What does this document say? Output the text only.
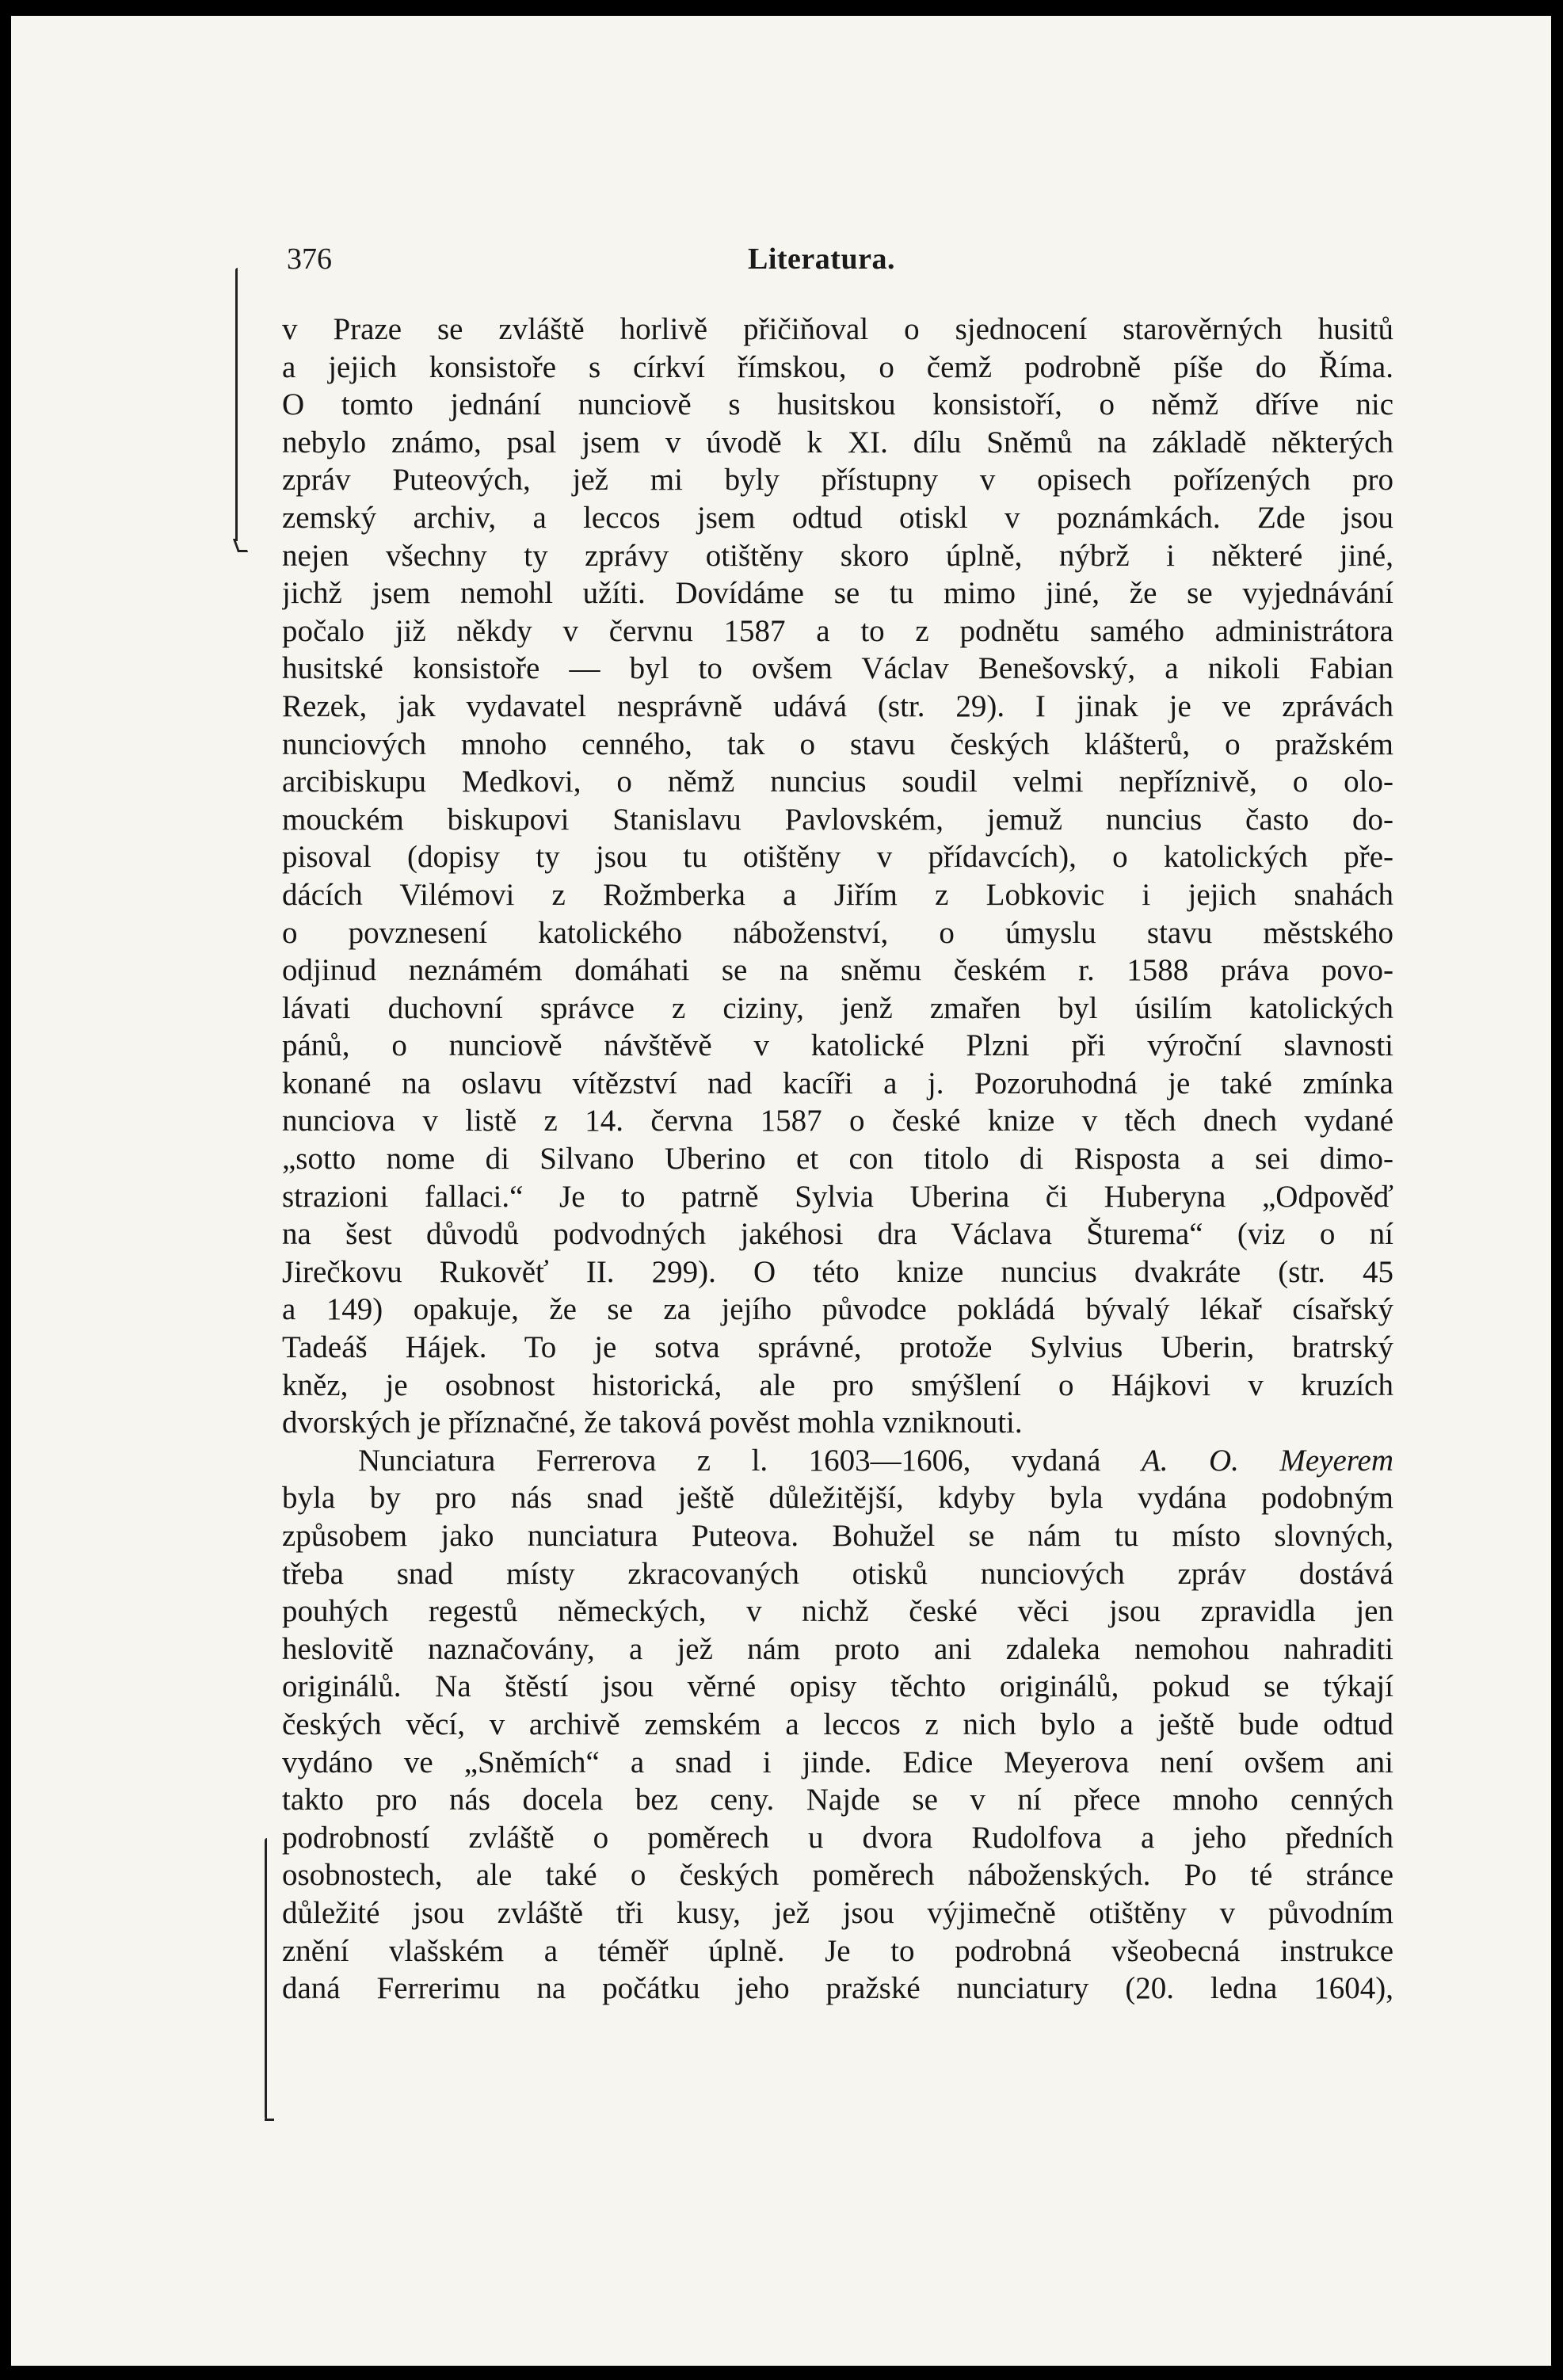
376	Literatura.
v Praze se zvláště horlivě přičiňoval o sjednocení starověrných husitů
a jejich konsistoře s církví římskou, o čemž podrobně píše do Říma.
O tomto jednání nunciově s husitskou konsistoří, o němž dříve nic
nebylo známo, psal jsem v úvodě k XI. dílu Sněmů na základě některých
zpráv Puteových, jež mi byly přístupny v opisech pořízených pro
zemský archiv, a leccos jsem odtud otiskl v poznámkách. Zde jsou
nejen všechny ty zprávy otištěny skoro úplně, nýbrž i některé jiné,
jichž jsem nemohl užíti. Dovídáme se tu mimo jiné, že se vyjednávání
počalo již někdy v červnu 1587 a to z podnětu samého administrátora
husitské konsistoře — byl to ovšem Václav Benešovský, a nikoli Fabian
Rezek, jak vydavatel nesprávně udává (str. 29). I jinak je ve zprávách
nunciových mnoho cenného, tak o stavu českých klášterů, o pražském
arcibiskupu Medkovi, o němž nuncius soudil velmi nepříznivě, o olo-
mouckém biskupovi Stanislavu Pavlovském, jemuž nuncius často do-
pisoval (dopisy ty jsou tu otištěny v přídavcích), o katolických pře-
dácích Vilémovi z Rožmberka a Jiřím z Lobkovic i jejich snahách
o povznesení katolického náboženství, o úmyslu stavu městského
odjinud neznámém domáhati se na sněmu českém r. 1588 práva povo-
lávati duchovní správce z ciziny, jenž zmařen byl úsilím katolických
pánů, o nunciově návštěvě v katolické Plzni při výroční slavnosti
konané na oslavu vítězství nad kacíři a j. Pozoruhodná je také zmínka
nunciova v listě z 14. června 1587 o české knize v těch dnech vydané
„sotto nome di Silvano Uberino et con titolo di Risposta a sei dimo-
strazioni fallaci.“ Je to patrně Sylvia Uberina či Huberyna „Odpověď
na šest důvodů podvodných jakéhosi dra Václava Šturema“ (viz o ní
Jirečkovu Rukověť II. 299). O této knize nuncius dvakráte (str. 45
a 149) opakuje, že se za jejího původce pokládá bývalý lékař císařský
Tadeáš Hájek. To je sotva správné, protože Sylvius Uberin, bratrský
kněz, je osobnost historická, ale pro smýšlení o Hájkovi v kruzích
dvorských je příznačné, že taková pověst mohla vzniknouti.
Nunciatura Ferrerova z l. 1603—1606, vydaná A. O. Meyerem
byla by pro nás snad ještě důležitější, kdyby byla vydána podobným
způsobem jako nunciatura Puteova. Bohužel se nám tu místo slovných,
třeba snad místy zkracovaných otisků nunciových zpráv dostává
pouhých regestů německých, v nichž české věci jsou zpravidla jen
heslovitě naznačovány, a jež nám proto ani zdaleka nemohou nahraditi
originálů. Na štěstí jsou věrné opisy těchto originálů, pokud se týkají
českých věcí, v archivě zemském a leccos z nich bylo a ještě bude odtud
vydáno ve „Sněmích“ a snad i jinde. Edice Meyerova není ovšem ani
takto pro nás docela bez ceny. Najde se v ní přece mnoho cenných
podrobností zvláště o poměrech u dvora Rudolfova a jeho předních
osobnostech, ale také o českých poměrech náboženských. Po té stránce
důležité jsou zvláště tři kusy, jež jsou výjimečně otištěny v původním
znění vlašském a téměř úplně. Je to podrobná všeobecná instrukce
daná Ferrerimu na počátku jeho pražské nunciatury (20. ledna 1604),
